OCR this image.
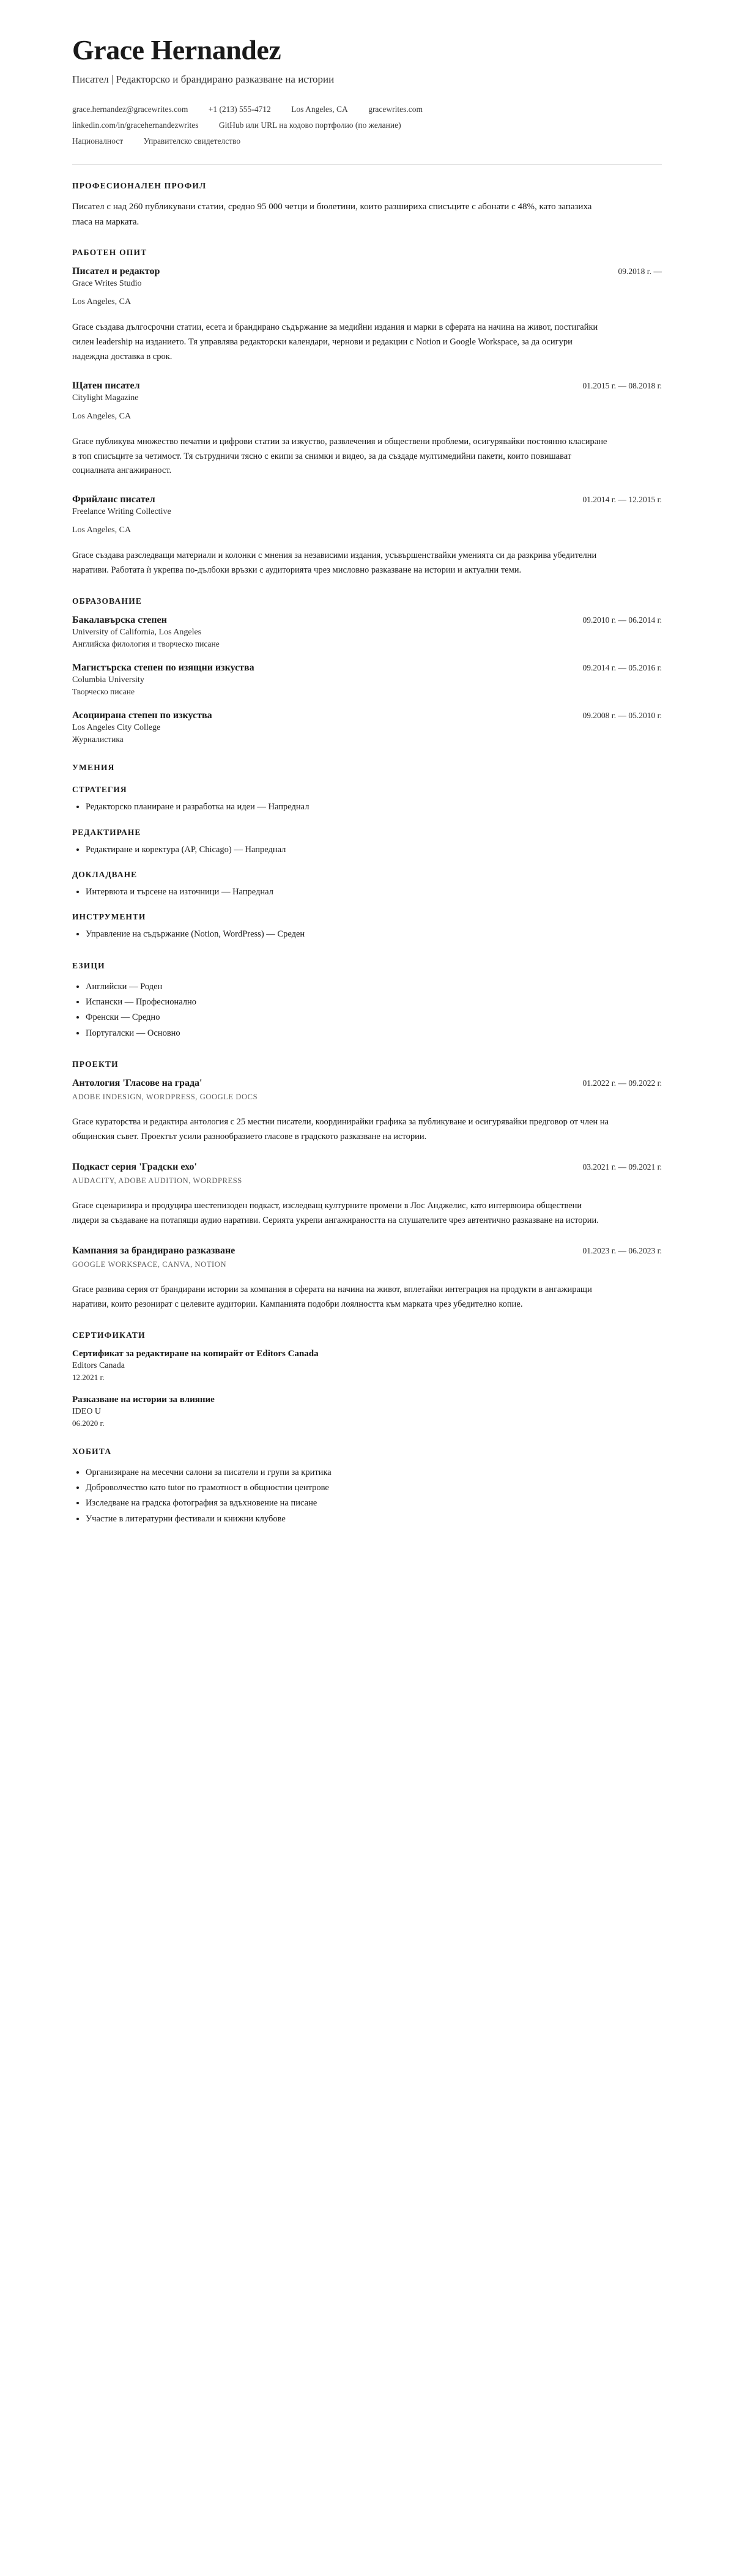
Grace Hernandez
Писател | Редакторско и брандирано разказване на истории
grace.hernandez@gracewrites.com +1 (213) 555-4712 Los Angeles, CA gracewrites.com
linkedin.com/in/gracehernandezwrites GitHub или URL на кодово портфолио (по желание)
Националност Управителско свидетелство
ПРОФЕСИОНАЛЕН ПРОФИЛ

Писател с над 260 публикувани статии, средно 95 000 четци и бюлетини, които разшириха списъците с абонати с 48%, като запазиха гласа на марката.

РАБОТЕН ОПИТ
Писател и редактор	09.2018 г. —
Grace Writes Studio
Los Angeles, CA
Grace създава дългосрочни статии, есета и брандирано съдържание за медийни издания и марки в сферата на начина на живот, постигайки силен leadership на изданието. Тя управлява редакторски календари, чернови и редакции с Notion и Google Workspace, за да осигури надеждна доставка в срок.
Щатен писател	01.2015 г. — 08.2018 г.
Citylight Magazine
Los Angeles, CA
Grace публикува множество печатни и цифрови статии за изкуство, развлечения и обществени проблеми, осигурявайки постоянно класиране в топ списъците за четимост. Тя сътрудничи тясно с екипи за снимки и видео, за да създаде мултимедийни пакети, които повишават социалната ангажираност.
Фрийланс писател	01.2014 г. — 12.2015 г.
Freelance Writing Collective
Los Angeles, CA
Grace създава разследващи материали и колонки с мнения за независими издания, усъвършенствайки уменията си да разкрива убедителни наративи. Работата ѝ укрепва по-дълбоки връзки с аудиторията чрез мисловно разказване на истории и актуални теми.
ОБРАЗОВАНИЕ
Бакалавърска степен	09.2010 г. — 06.2014 г.
University of California, Los Angeles
Английска филология и творческо писане
Магистърска степен по изящни изкуства	09.2014 г. — 05.2016 г.
Columbia University
Творческо писане
Асоциирана степен по изкуства	09.2008 г. — 05.2010 г.
Los Angeles City College
Журналистика
УМЕНИЯ
СТРАТЕГИЯ
• Редакторско планиране и разработка на идеи — Напреднал
РЕДАКТИРАНЕ
• Редактиране и коректура (AP, Chicago) — Напреднал
ДОКЛАДВАНЕ
• Интервюта и търсене на източници — Напреднал
ИНСТРУМЕНТИ
• Управление на съдържание (Notion, WordPress) — Среден
ЕЗИЦИ
• Английски — Роден
• Испански — Професионално
• Френски — Средно
• Португалски — Основно
ПРОЕКТИ
Антология 'Гласове на града'	01.2022 г. — 09.2022 г.
ADOBE INDESIGN, WORDPRESS, GOOGLE DOCS
Grace кураторства и редактира антология с 25 местни писатели, координирайки графика за публикуване и осигурявайки предговор от член на общинския съвет. Проектът усили разнообразието гласове в градското разказване на истории.
Подкаст серия 'Градски ехо'	03.2021 г. — 09.2021 г.
AUDACITY, ADOBE AUDITION, WORDPRESS
Grace сценаризира и продуцира шестепизоден подкаст, изследващ културните промени в Лос Анджелис, като интервюира обществени лидери за създаване на потапящи аудио наративи. Серията укрепи ангажираността на слушателите чрез автентично разказване на истории.
Кампания за брандирано разказване	01.2023 г. — 06.2023 г.
GOOGLE WORKSPACE, CANVA, NOTION
Grace развива серия от брандирани истории за компания в сферата на начина на живот, вплетайки интеграция на продукти в ангажиращи наративи, които резонират с целевите аудитории. Кампанията подобри лоялността към марката чрез убедително копие.
СЕРТИФИКАТИ
Сертификат за редактиране на копирайт от Editors Canada
Editors Canada
12.2021 г.
Разказване на истории за влияние
IDEO U
06.2020 г.
ХОБИТА
• Организиране на месечни салони за писатели и групи за критика
• Доброволчество като tutor по грамотност в общностни центрове
• Изследване на градска фотография за вдъхновение на писане
• Участие в литературни фестивали и книжни клубове
